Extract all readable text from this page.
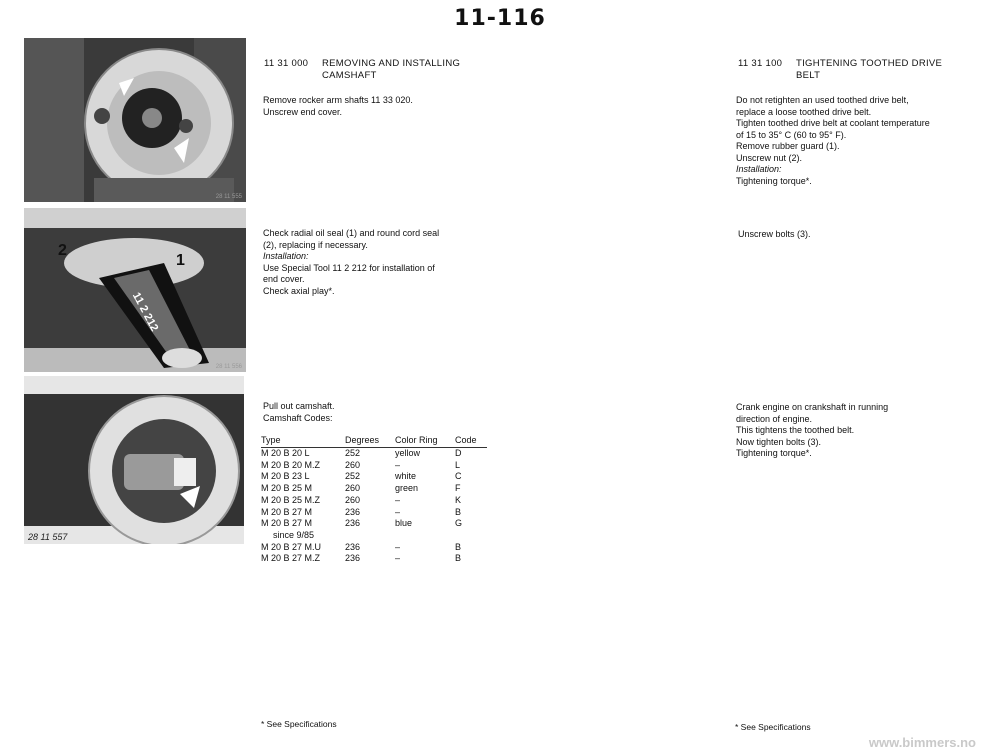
11-116
28 11 555
2
1
11 2 212
28 11 556
28 11 557
11 31 000 REMOVING AND INSTALLING
CAMSHAFT

Remove rocker arm shafts 11 33 020.

Unscrew end cover.

Check radial oil seal (1) and round cord seal

(2), replacing if necessary.

Installation:

Use Special Tool 11 2 212 for installation of

end cover.

Check axial play*.

Pull out camshaft.

Camshaft Codes:

Type	Degrees	Color Ring	Code
M 20 B 20 L	252	yellow	D
M 20 B 20 M.Z	260	–	L
M 20 B 23 L	252	white	C
M 20 B 25 M	260	green	F
M 20 B 25 M.Z	260	–	K
M 20 B 27 M	236	–	B
M 20 B 27 M	236	blue	G
since 9/85			
M 20 B 27 M.U	236	–	B
M 20 B 27 M.Z	236	–	B
* See Specifications
11 31 100 TIGHTENING TOOTHED DRIVE
BELT

Do not retighten an used toothed drive belt,

replace a loose toothed drive belt.

Tighten toothed drive belt at coolant temperature

of 15 to 35° C (60 to 95° F).

Remove rubber guard (1).

Unscrew nut (2).

Installation:

Tightening torque*.

Unscrew bolts (3).

Crank engine on crankshaft in running

direction of engine.

This tightens the toothed belt.

Now tighten bolts (3).

Tightening torque*.

* See Specifications
www.bimmers.no
